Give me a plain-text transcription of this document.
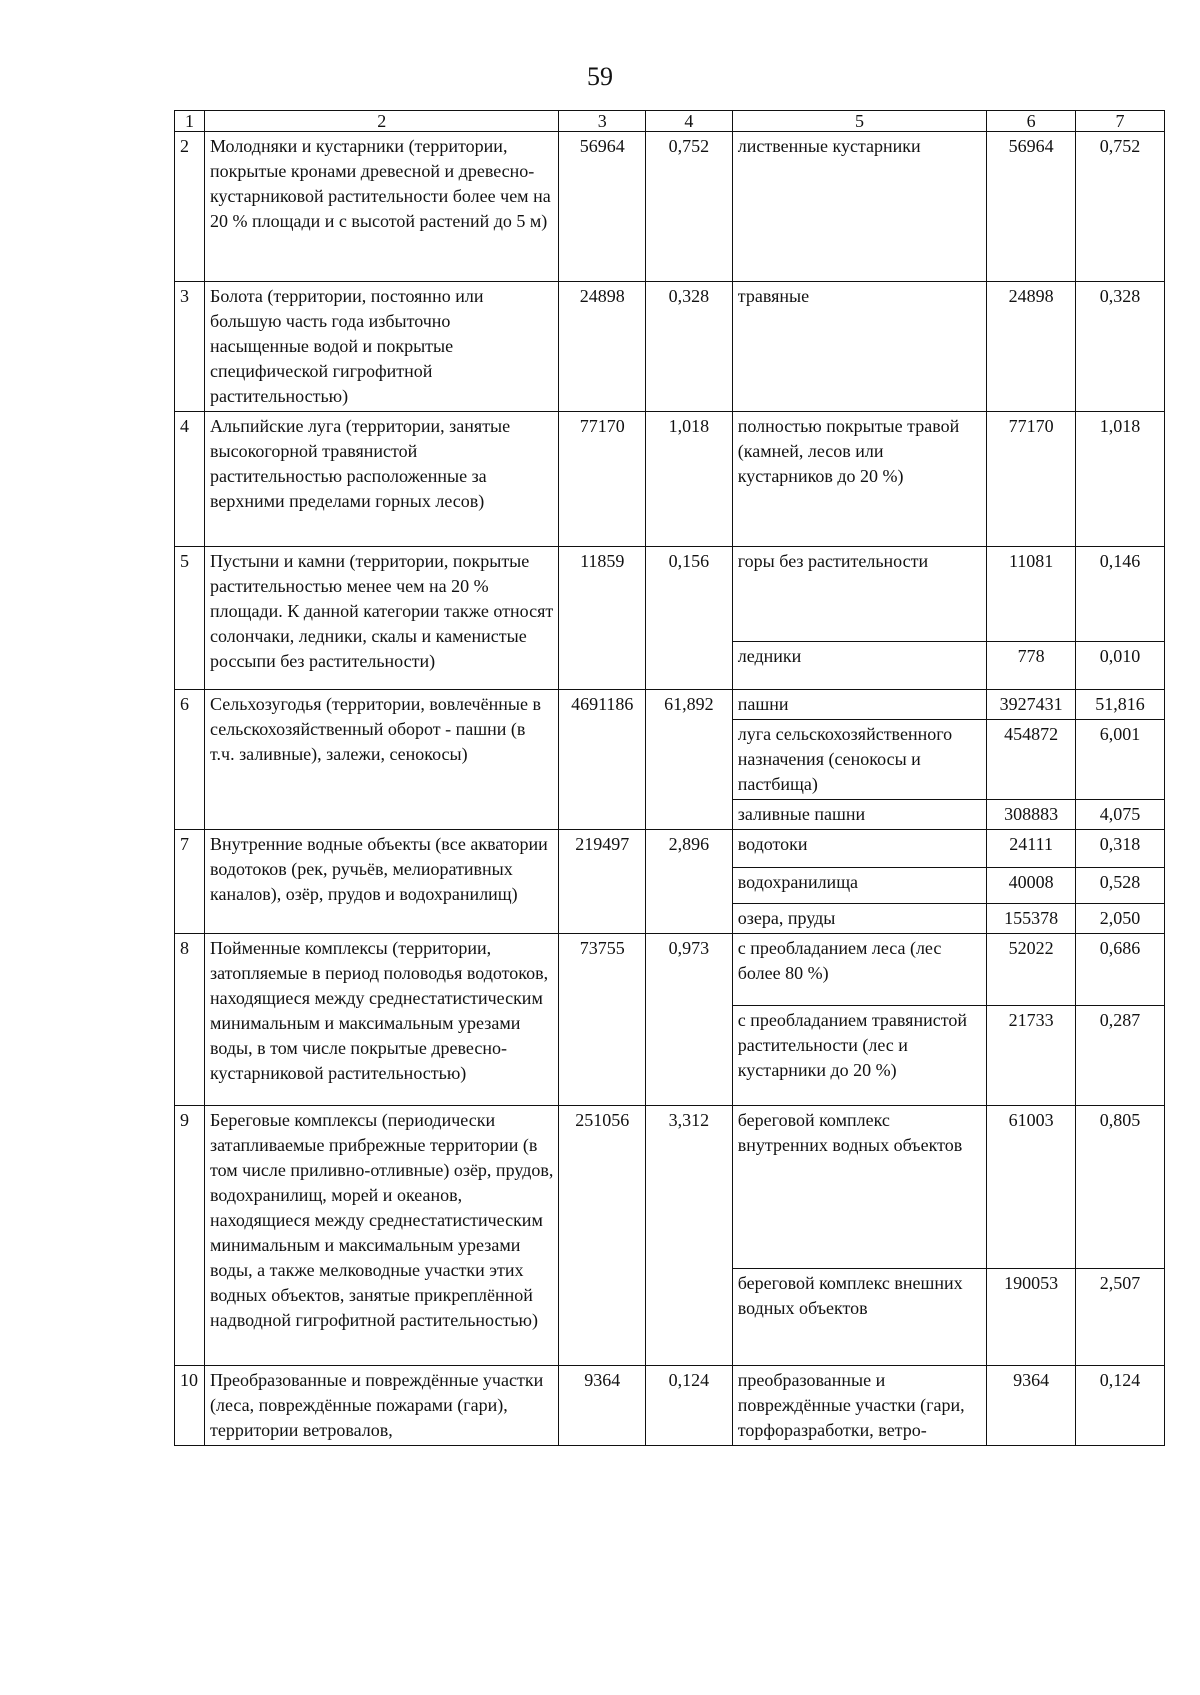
59
1	2	3	4	5	6	7
2	Молодняки и кустарники (территории, покрытые кронами древесной и древесно-кустарниковой растительности более чем на 20 % площади и с высотой растений до 5 м)	56964	0,752	лиственные кустарники	56964	0,752
3	Болота (территории, постоянно или большую часть года избыточно насыщенные водой и покрытые специфической гигрофитной растительностью)	24898	0,328	травяные	24898	0,328
4	Альпийские луга (территории, занятые высокогорной травянистой растительностью расположенные за верхними пределами горных лесов)	77170	1,018	полностью покрытые травой (камней, лесов или кустарников до 20 %)	77170	1,018
5	Пустыни и камни (территории, покрытые растительностью менее чем на 20 % площади. К данной категории также относят солончаки, ледники, скалы и каменистые россыпи без растительности)	11859	0,156	горы без растительности	11081	0,146
				ледники	778	0,010
6	Сельхозугодья (территории, вовлечённые в сельскохозяйственный оборот - пашни (в т.ч. заливные), залежи, сенокосы)	4691186	61,892	пашни	3927431	51,816
				луга сельскохозяйственного назначения (сенокосы и пастбища)	454872	6,001
				заливные пашни	308883	4,075
7	Внутренние водные объекты (все акватории водотоков (рек, ручьёв, мелиоративных каналов), озёр, прудов и водохранилищ)	219497	2,896	водотоки	24111	0,318
				водохранилища	40008	0,528
				озера, пруды	155378	2,050
8	Пойменные комплексы (территории, затопляемые в период половодья водотоков, находящиеся между среднестатистическим минимальным и максимальным урезами воды, в том числе покрытые древесно-кустарниковой растительностью)	73755	0,973	с преобладанием леса (лес более 80 %)	52022	0,686
				с преобладанием травянистой растительности (лес и кустарники до 20 %)	21733	0,287
9	Береговые комплексы (периодически затапливаемые прибрежные территории (в том числе приливно-отливные) озёр, прудов, водохранилищ, морей и океанов, находящиеся между среднестатистическим минимальным и максимальным урезами воды, а также мелководные участки этих водных объектов, занятые прикреплённой надводной гигрофитной растительностью)	251056	3,312	береговой комплекс внутренних водных объектов	61003	0,805
				береговой комплекс внешних водных объектов	190053	2,507
10	Преобразованные и повреждённые участки (леса, повреждённые пожарами (гари), территории ветровалов,	9364	0,124	преобразованные и повреждённые участки (гари, торфоразработки, ветро-	9364	0,124
